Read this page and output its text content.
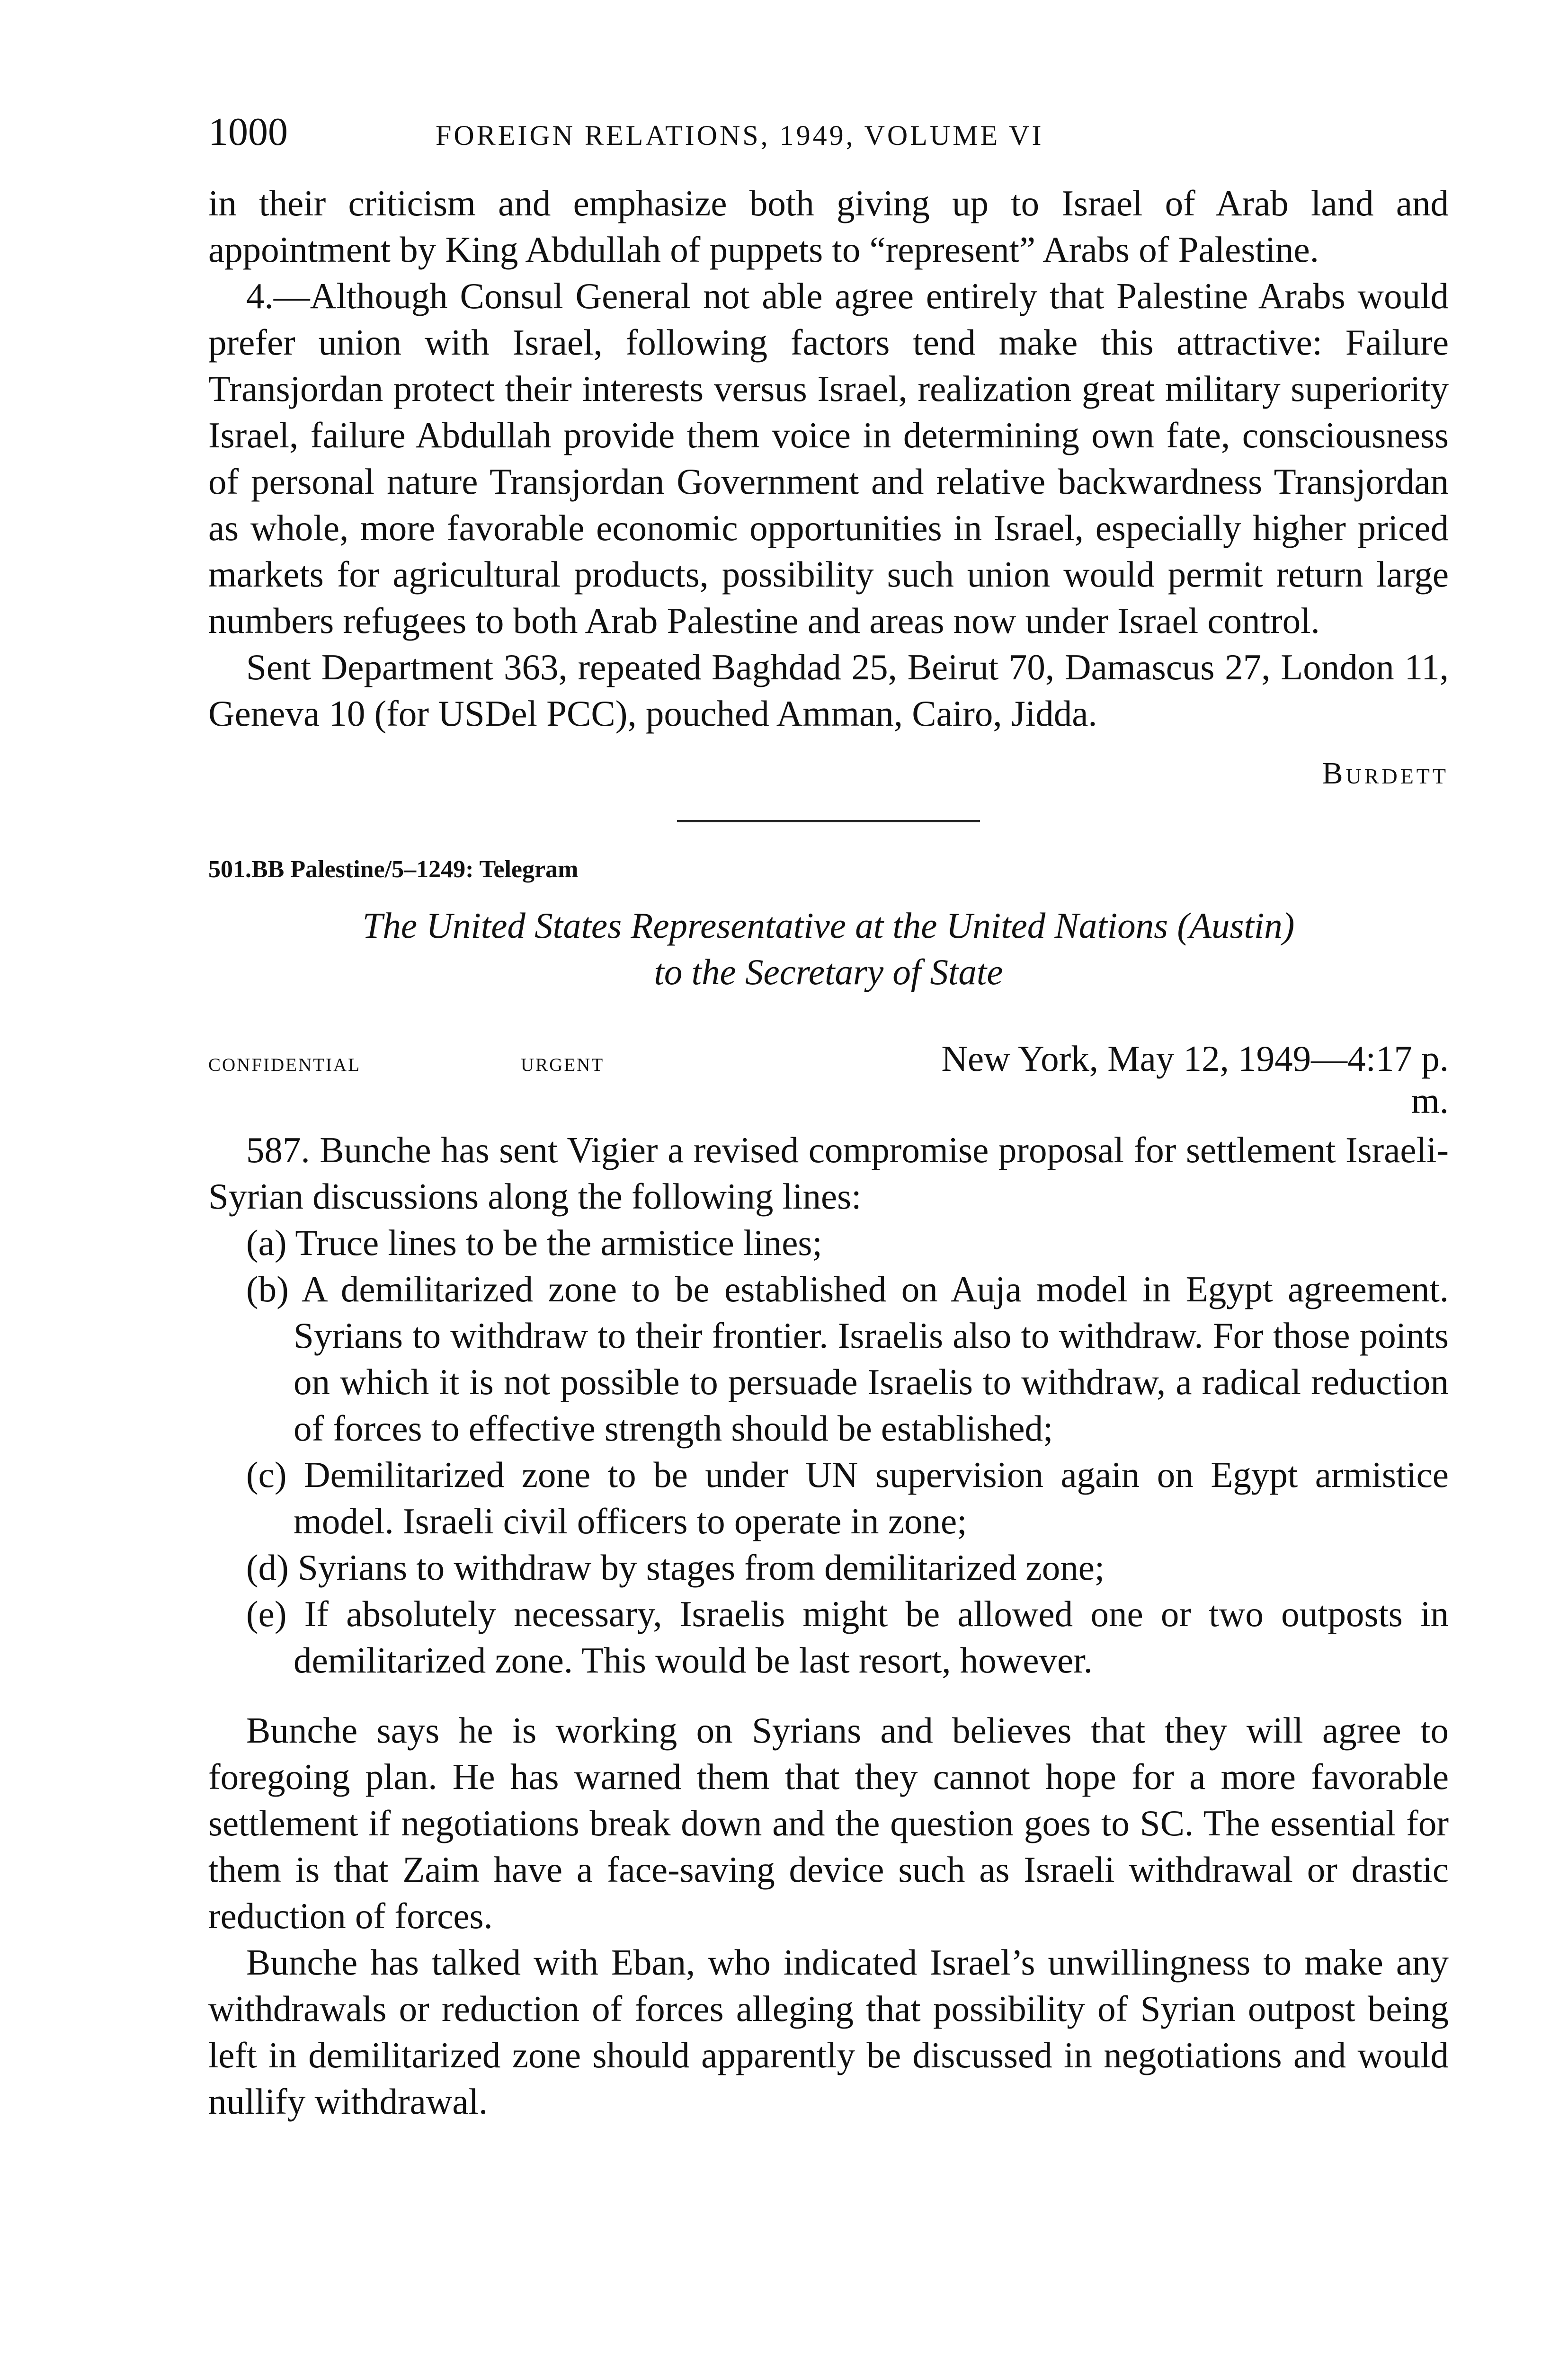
1000	FOREIGN RELATIONS, 1949, VOLUME VI

in their criticism and emphasize both giving up to Israel of Arab land and appointment by King Abdullah of puppets to “represent” Arabs of Palestine.

4.—Although Consul General not able agree entirely that Palestine Arabs would prefer union with Israel, following factors tend make this attractive: Failure Transjordan protect their interests versus Israel, realization great military superiority Israel, failure Abdullah provide them voice in determining own fate, consciousness of personal nature Transjordan Government and relative backwardness Transjordan as whole, more favorable economic opportunities in Israel, especially higher priced markets for agricultural products, possibility such union would permit return large numbers refugees to both Arab Palestine and areas now under Israel control.

Sent Department 363, repeated Baghdad 25, Beirut 70, Damascus 27, London 11, Geneva 10 (for USDel PCC), pouched Amman, Cairo, Jidda.

Burdett
501.BB Palestine/5–1249: Telegram
The United States Representative at the United Nations (Austin)
to the Secretary of State
confidential	urgent	New York, May 12, 1949—4:17 p. m.

587. Bunche has sent Vigier a revised compromise proposal for settlement Israeli-Syrian discussions along the following lines:

(a) Truce lines to be the armistice lines;

(b) A demilitarized zone to be established on Auja model in Egypt agreement. Syrians to withdraw to their frontier. Israelis also to withdraw. For those points on which it is not possible to persuade Israelis to withdraw, a radical reduction of forces to effective strength should be established;

(c) Demilitarized zone to be under UN supervision again on Egypt armistice model. Israeli civil officers to operate in zone;

(d) Syrians to withdraw by stages from demilitarized zone;

(e) If absolutely necessary, Israelis might be allowed one or two outposts in demilitarized zone. This would be last resort, however.

Bunche says he is working on Syrians and believes that they will agree to foregoing plan. He has warned them that they cannot hope for a more favorable settlement if negotiations break down and the question goes to SC. The essential for them is that Zaim have a face-saving device such as Israeli withdrawal or drastic reduction of forces.

Bunche has talked with Eban, who indicated Israel’s unwillingness to make any withdrawals or reduction of forces alleging that possibility of Syrian outpost being left in demilitarized zone should apparently be discussed in negotiations and would nullify withdrawal.
